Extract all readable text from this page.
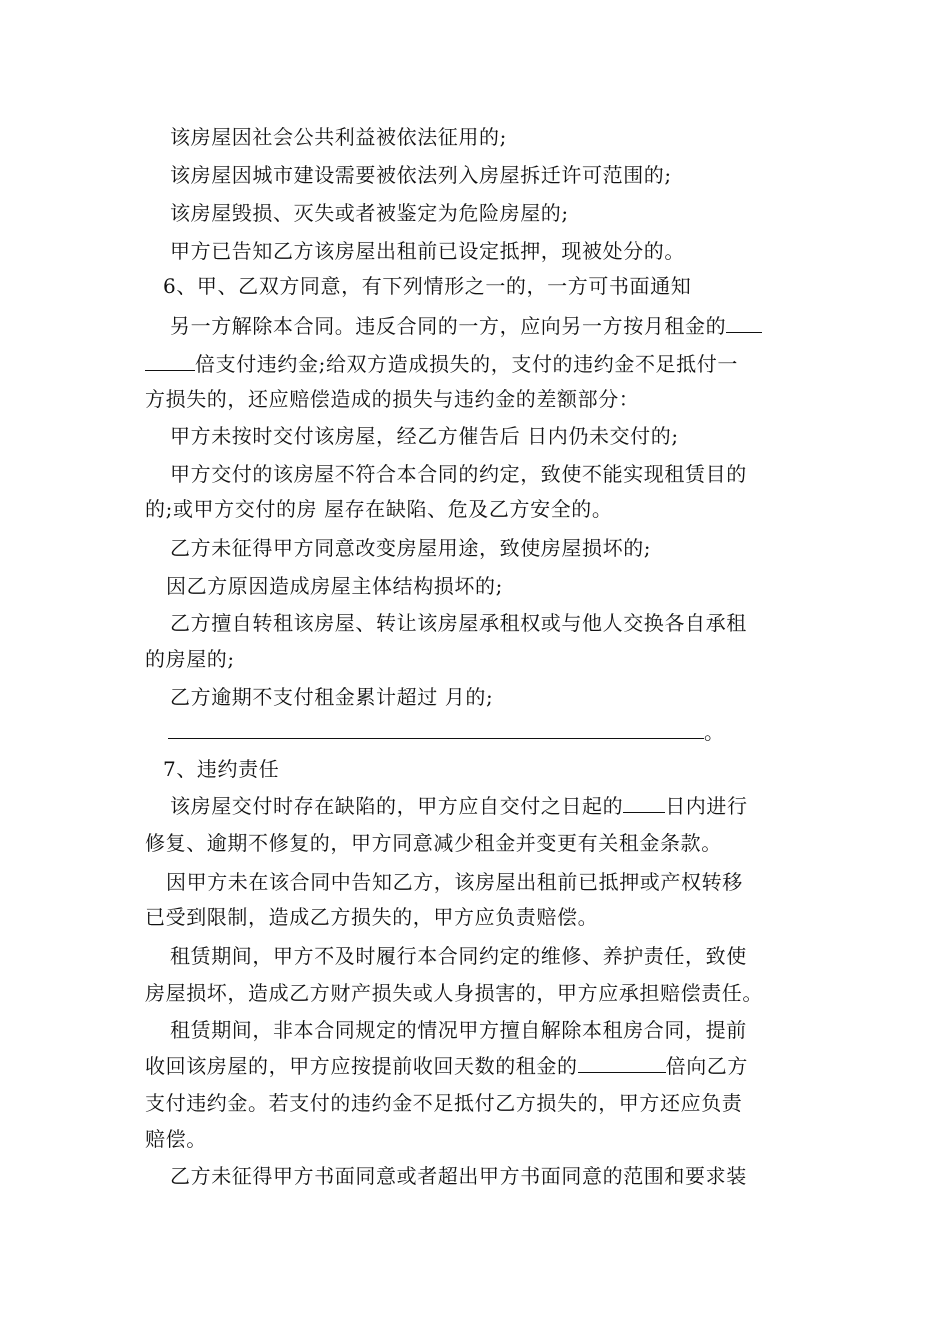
该房屋因社会公共利益被依法征用的;
该房屋因城市建设需要被依法列入房屋拆迁许可范围的;
该房屋毁损、灭失或者被鉴定为危险房屋的;
甲方已告知乙方该房屋出租前已设定抵押，现被处分的。
6、甲、乙双方同意，有下列情形之一的，一方可书面通知
另一方解除本合同。违反合同的一方，应向另一方按月租金的
倍支付违约金;给双方造成损失的，支付的违约金不足抵付一
方损失的，还应赔偿造成的损失与违约金的差额部分：
甲方未按时交付该房屋，经乙方催告后 日内仍未交付的;
甲方交付的该房屋不符合本合同的约定，致使不能实现租赁目的
的;或甲方交付的房 屋存在缺陷、危及乙方安全的。
乙方未征得甲方同意改变房屋用途，致使房屋损坏的;
因乙方原因造成房屋主体结构损坏的;
乙方擅自转租该房屋、转让该房屋承租权或与他人交换各自承租
的房屋的;
乙方逾期不支付租金累计超过 月的;
。
7、违约责任
该房屋交付时存在缺陷的，甲方应自交付之日起的 日内进行
修复、逾期不修复的，甲方同意减少租金并变更有关租金条款。
因甲方未在该合同中告知乙方，该房屋出租前已抵押或产权转移
已受到限制，造成乙方损失的，甲方应负责赔偿。
租赁期间，甲方不及时履行本合同约定的维修、养护责任，致使
房屋损坏，造成乙方财产损失或人身损害的，甲方应承担赔偿责任。
租赁期间，非本合同规定的情况甲方擅自解除本租房合同，提前
收回该房屋的，甲方应按提前收回天数的租金的	倍向乙方
支付违约金。若支付的违约金不足抵付乙方损失的，甲方还应负责
赔偿。
乙方未征得甲方书面同意或者超出甲方书面同意的范围和要求装
